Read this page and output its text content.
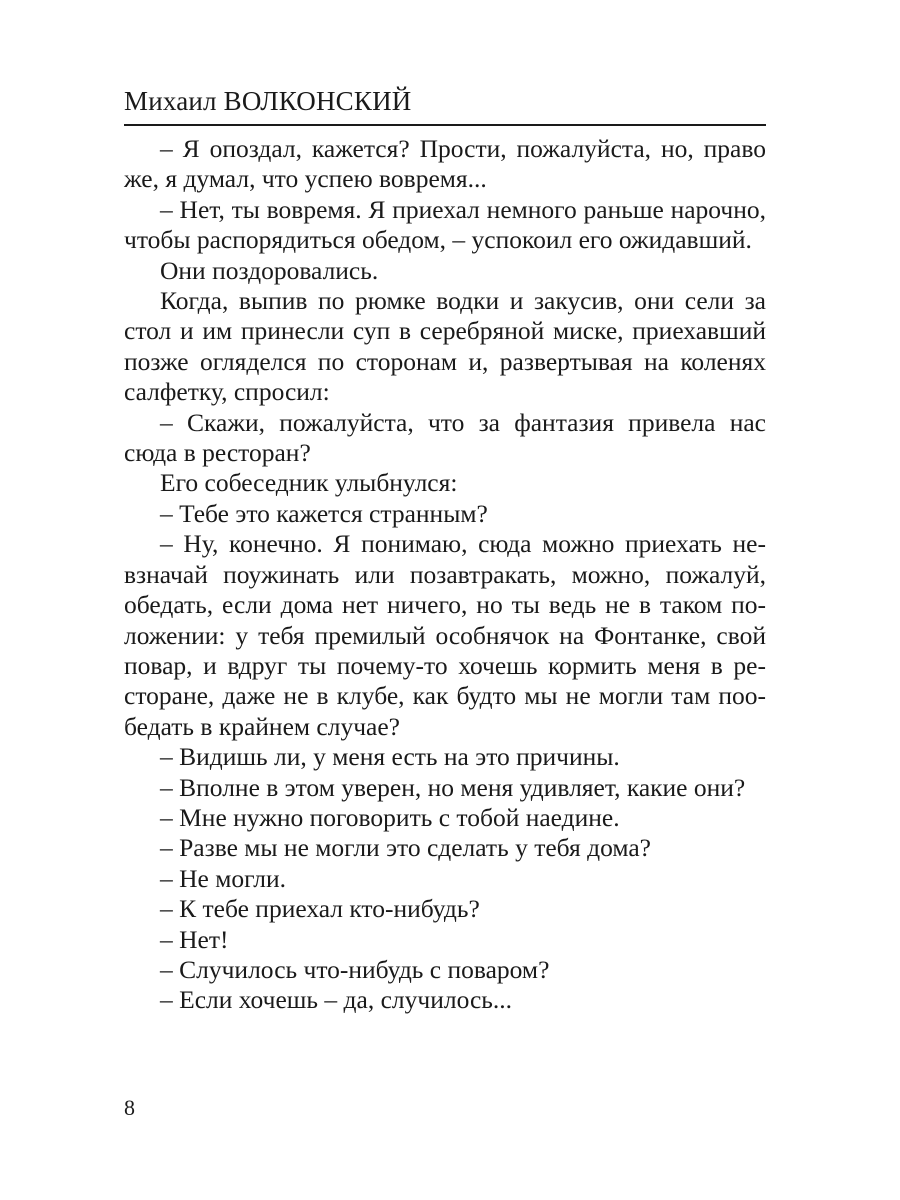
Михаил ВОЛКОНСКИЙ

– Я опоздал, кажется? Прости, пожалуйста, но, право же, я думал, что успею вовремя...

– Нет, ты вовремя. Я приехал немного раньше нарочно, чтобы распорядиться обедом, – успокоил его ожидавший.

Они поздоровались.

Когда, выпив по рюмке водки и закусив, они сели за стол и им принесли суп в серебряной миске, приехавший позже огляделся по сторонам и, развертывая на коленях салфетку, спросил:

– Скажи, пожалуйста, что за фантазия привела нас сюда в ресторан?

Его собеседник улыбнулся:

– Тебе это кажется странным?

– Ну, конечно. Я понимаю, сюда можно приехать невзначай поужинать или позавтракать, можно, пожалуй, обедать, если дома нет ничего, но ты ведь не в таком положении: у тебя премилый особнячок на Фонтанке, свой повар, и вдруг ты почему-то хочешь кормить меня в ресторане, даже не в клубе, как будто мы не могли там пообедать в крайнем случае?

– Видишь ли, у меня есть на это причины.

– Вполне в этом уверен, но меня удивляет, какие они?

– Мне нужно поговорить с тобой наедине.

– Разве мы не могли это сделать у тебя дома?

– Не могли.

– К тебе приехал кто-нибудь?

– Нет!

– Случилось что-нибудь с поваром?

– Если хочешь – да, случилось...

8
